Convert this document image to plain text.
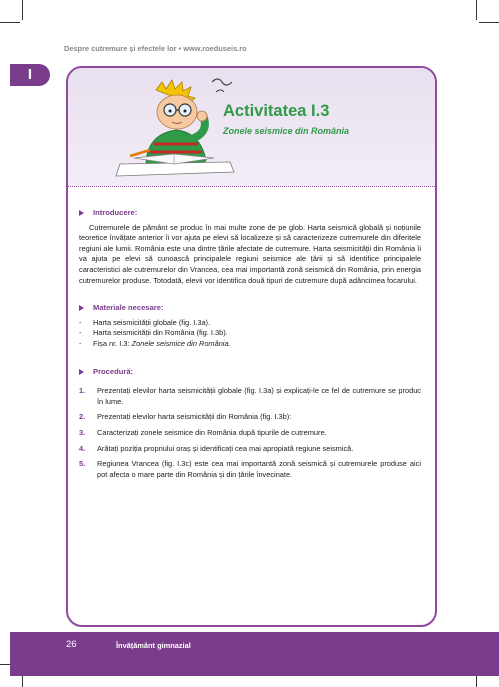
Despre cutremure și efectele lor • www.roeduseis.ro
I
Activitatea I.3
Zonele seismice din România
Introducere:

Cutremurele de pământ se produc în mai multe zone de pe glob. Harta seismică globală și noțiunile teoretice învățate anterior îi vor ajuta pe elevi să localizeze și să caracterizeze cutremurele din diferitele regiuni ale lumii. România este una dintre țările afectate de cutremure. Harta seismicității din România îi va ajuta pe elevi să cunoască principalele regiuni seismice ale țării și să identifice principalele caracteristici ale cutremurelor din Vrancea, cea mai importantă zonă seismică din România, prin energia cutremurelor produse. Totodată, elevii vor identifica două tipuri de cutremure după adâncimea focarului.

Materiale necesare:
- Harta seismicității globale (fig. I.3a).
- Harta seismicității din România (fig. I.3b).
- Fișa nr. I.3: Zonele seismice din România.
Procedură:
1. Prezentați elevilor harta seismicității globale (fig. I.3a) și explicați-le ce fel de cutremure se produc în lume.
2. Prezentați elevilor harta seismicității din România (fig. I.3b):
3. Caracterizați zonele seismice din România după tipurile de cutremure.
4. Arătați poziția propriului oraș și identificați cea mai apropiată regiune seismică.
5. Regiunea Vrancea (fig. I.3c) este cea mai importantă zonă seismică și cutremurele produse aici pot afecta o mare parte din România și din țările învecinate.
26	Învățământ gimnazial
